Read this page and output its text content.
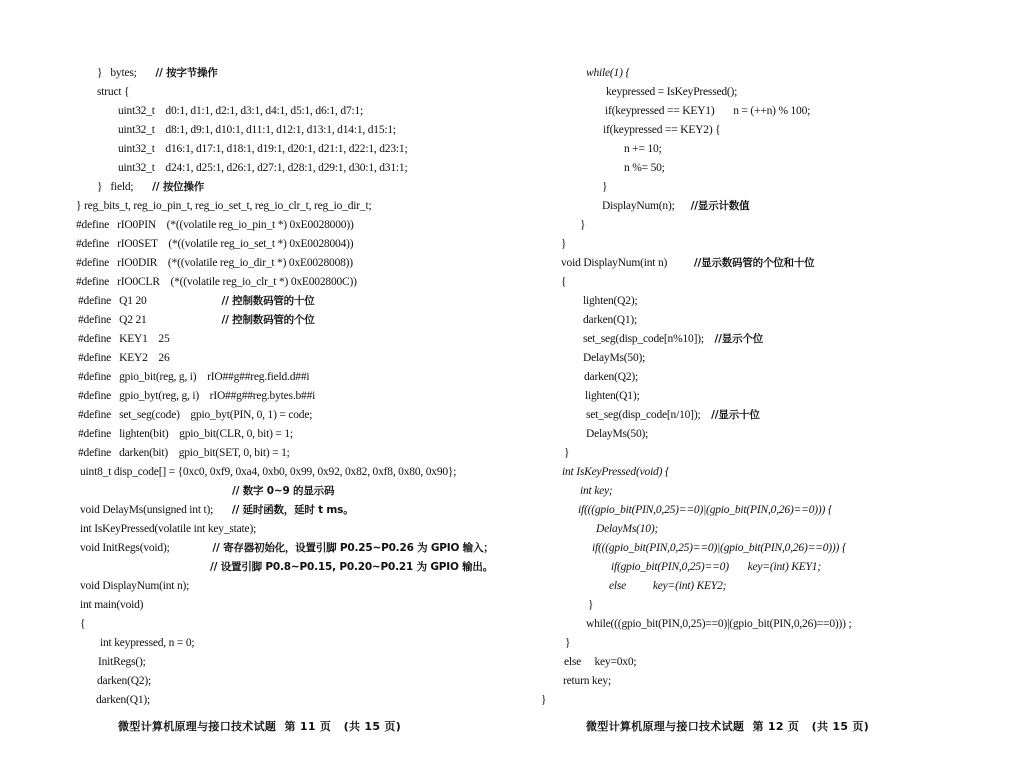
微型计算机原理与接口技术试题  第 11 页   (共 15 页)
}   bytes;       // 按字节操作
struct {
uint32_t    d0:1, d1:1, d2:1, d3:1, d4:1, d5:1, d6:1, d7:1;
uint32_t    d8:1, d9:1, d10:1, d11:1, d12:1, d13:1, d14:1, d15:1;
uint32_t    d16:1, d17:1, d18:1, d19:1, d20:1, d21:1, d22:1, d23:1;
uint32_t    d24:1, d25:1, d26:1, d27:1, d28:1, d29:1, d30:1, d31:1;
}   field;       // 按位操作
} reg_bits_t, reg_io_pin_t, reg_io_set_t, reg_io_clr_t, reg_io_dir_t;
#define   rIO0PIN    (*((volatile reg_io_pin_t *) 0xE0028000))
#define   rIO0SET    (*((volatile reg_io_set_t *) 0xE0028004))
#define   rIO0DIR    (*((volatile reg_io_dir_t *) 0xE0028008))
#define   rIO0CLR    (*((volatile reg_io_clr_t *) 0xE002800C))
#define   Q1 20                            // 控制数码管的十位
#define   Q2 21                            // 控制数码管的个位
#define   KEY1    25
#define   KEY2    26
#define   gpio_bit(reg, g, i)    rIO##g##reg.field.d##i
#define   gpio_byt(reg, g, i)    rIO##g##reg.bytes.b##i
#define   set_seg(code)    gpio_byt(PIN, 0, 1) = code;
#define   lighten(bit)    gpio_bit(CLR, 0, bit) = 1;
#define   darken(bit)    gpio_bit(SET, 0, bit) = 1;
uint8_t disp_code[] = {0xc0, 0xf9, 0xa4, 0xb0, 0x99, 0x92, 0x82, 0xf8, 0x80, 0x90};
// 数字 0~9 的显示码
void DelayMs(unsigned int t);       // 延时函数，延时 t ms。
int IsKeyPressed(volatile int key_state);
void InitRegs(void);                // 寄存器初始化，设置引脚 P0.25~P0.26 为 GPIO 输入；
// 设置引脚 P0.8~P0.15, P0.20~P0.21 为 GPIO 输出。
void DisplayNum(int n);
int main(void)
{
int keypressed, n = 0;
InitRegs();
darken(Q2);
darken(Q1);
微型计算机原理与接口技术试题  第 12 页   (共 15 页)
while(1) {
keypressed = IsKeyPressed();
if(keypressed == KEY1)       n = (++n) % 100;
if(keypressed == KEY2) {
n += 10;
n %= 50;
}
DisplayNum(n);      //显示计数值
}
}
void DisplayNum(int n)          //显示数码管的个位和十位
{
lighten(Q2);
darken(Q1);
set_seg(disp_code[n%10]);    //显示个位
DelayMs(50);
darken(Q2);
lighten(Q1);
set_seg(disp_code[n/10]);    //显示十位
DelayMs(50);
}
int IsKeyPressed(void) {
int key;
if(((gpio_bit(PIN,0,25)==0)|(gpio_bit(PIN,0,26)==0))) {
DelayMs(10);
if(((gpio_bit(PIN,0,25)==0)|(gpio_bit(PIN,0,26)==0))) {
if(gpio_bit(PIN,0,25)==0)       key=(int) KEY1;
else          key=(int) KEY2;
}
while(((gpio_bit(PIN,0,25)==0)|(gpio_bit(PIN,0,26)==0))) ;
}
else     key=0x0;
return key;
}
